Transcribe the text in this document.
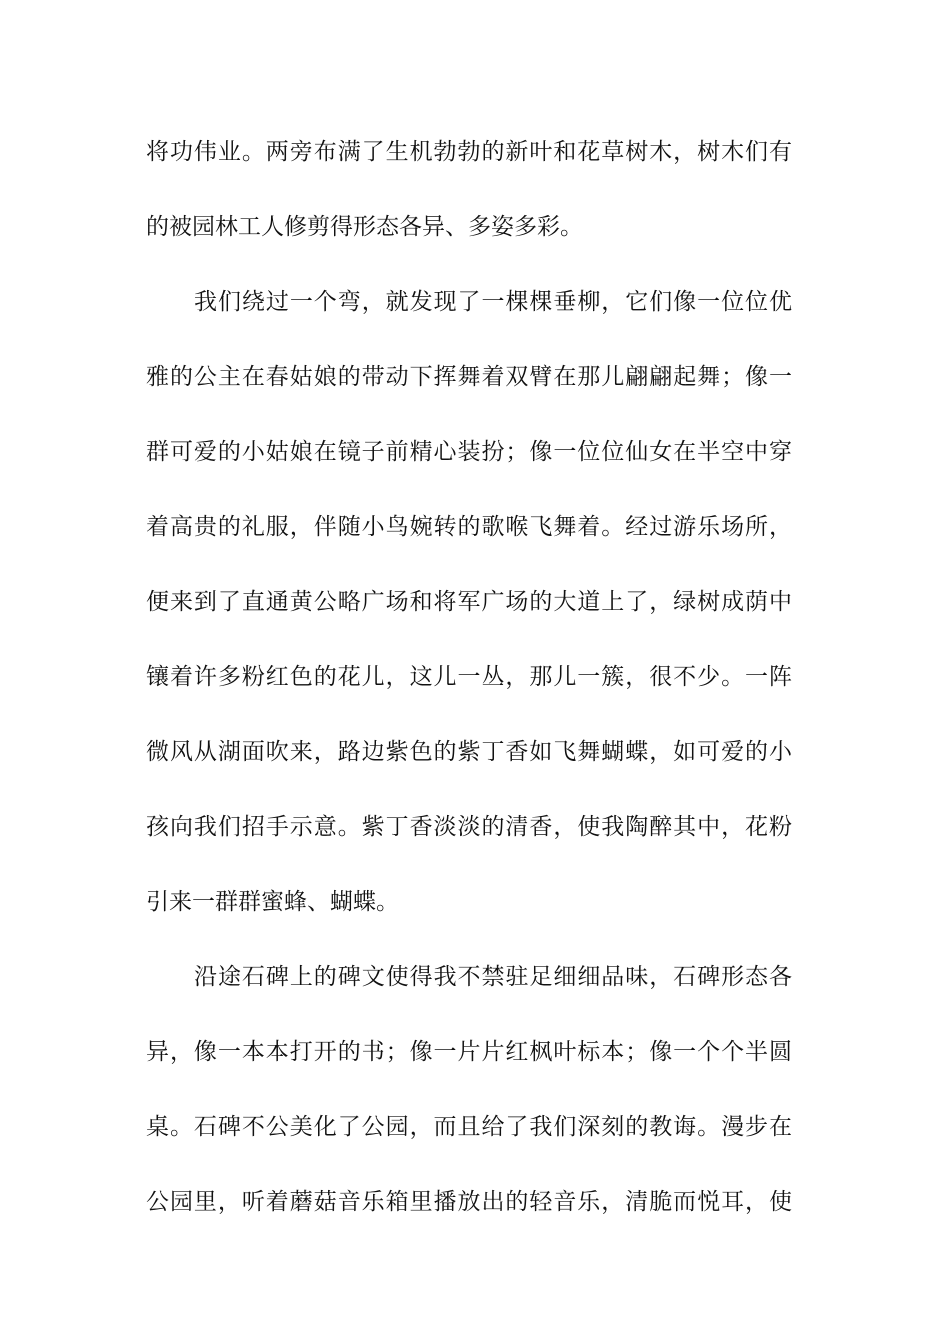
将功伟业。两旁布满了生机勃勃的新叶和花草树木，树木们有
的被园林工人修剪得形态各异、多姿多彩。
我们绕过一个弯，就发现了一棵棵垂柳，它们像一位位优
雅的公主在春姑娘的带动下挥舞着双臂在那儿翩翩起舞；像一
群可爱的小姑娘在镜子前精心装扮；像一位位仙女在半空中穿
着高贵的礼服，伴随小鸟婉转的歌喉飞舞着。经过游乐场所，
便来到了直通黄公略广场和将军广场的大道上了，绿树成荫中
镶着许多粉红色的花儿，这儿一丛，那儿一簇，很不少。一阵
微风从湖面吹来，路边紫色的紫丁香如飞舞蝴蝶，如可爱的小
孩向我们招手示意。紫丁香淡淡的清香，使我陶醉其中，花粉
引来一群群蜜蜂、蝴蝶。
沿途石碑上的碑文使得我不禁驻足细细品味，石碑形态各
异，像一本本打开的书；像一片片红枫叶标本；像一个个半圆
桌。石碑不公美化了公园，而且给了我们深刻的教诲。漫步在
公园里，听着蘑菇音乐箱里播放出的轻音乐，清脆而悦耳，使
